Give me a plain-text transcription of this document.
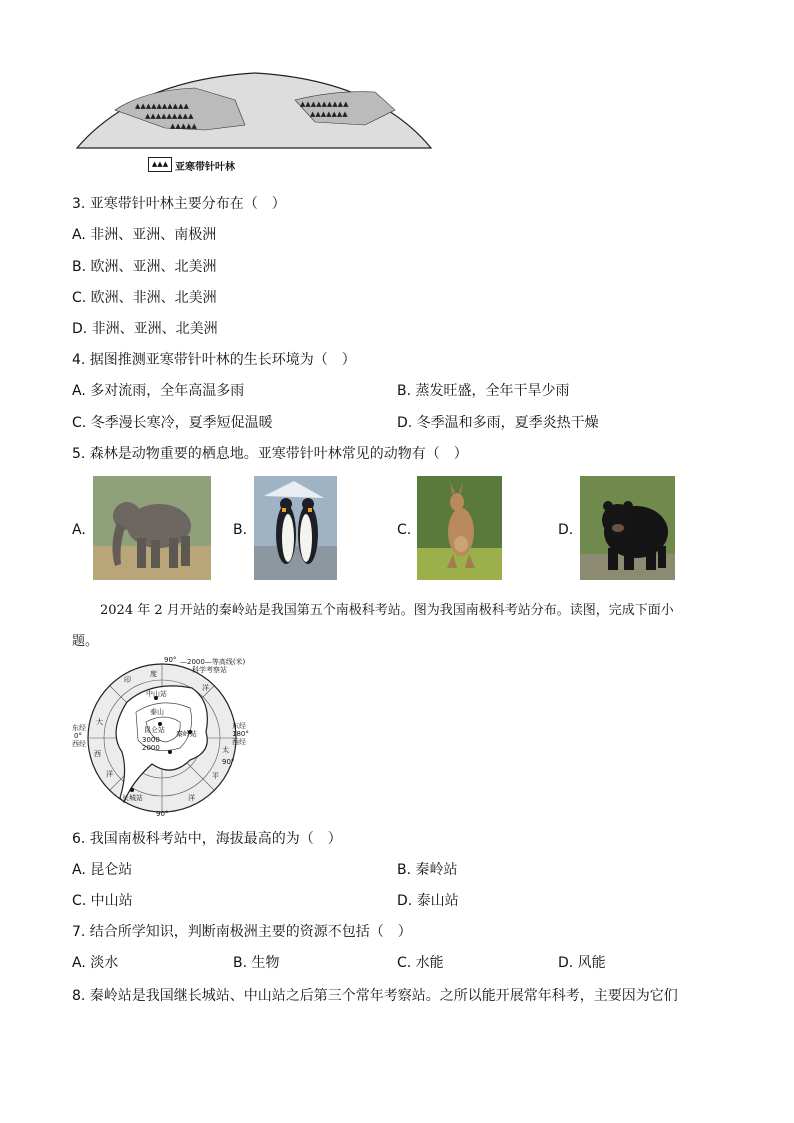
▲▲▲▲▲▲▲▲▲▲
▲▲▲▲▲▲▲▲▲
▲▲▲▲▲
▲▲▲▲▲▲▲▲▲
▲▲▲▲▲▲▲
▲▲▲ 亚寒带针叶林
3. 亚寒带针叶林主要分布在（　）
A. 非洲、亚洲、南极洲
B. 欧洲、亚洲、北美洲
C. 欧洲、非洲、北美洲
D. 非洲、亚洲、北美洲
4. 据图推测亚寒带针叶林的生长环境为（　）
A. 多对流雨，全年高温多雨	B. 蒸发旺盛，全年干旱少雨
C. 冬季漫长寒冷，夏季短促温暖	D. 冬季温和多雨，夏季炎热干燥
5. 森林是动物重要的栖息地。亚寒带针叶林常见的动物有（　）
A.	B.	C.	D.
2024 年 2 月开站的秦岭站是我国第五个南极科考站。图为我国南极科考站分布。读图，完成下面小
题。
90°
东经
0°
西经
东经
180°
西经
90°
90°
中山站
泰山
昆仑站 秦岭站
3000
2000
长城站
洋
度
印
太
平
洋
大
西
洋
—2000—等高线(米)
科学考察站
6. 我国南极科考站中，海拔最高的为（　）
A. 昆仑站	B. 秦岭站
C. 中山站	D. 泰山站
7. 结合所学知识，判断南极洲主要的资源不包括（　）
A. 淡水	B. 生物	C. 水能	D. 风能
8. 秦岭站是我国继长城站、中山站之后第三个常年考察站。之所以能开展常年科考，主要因为它们
